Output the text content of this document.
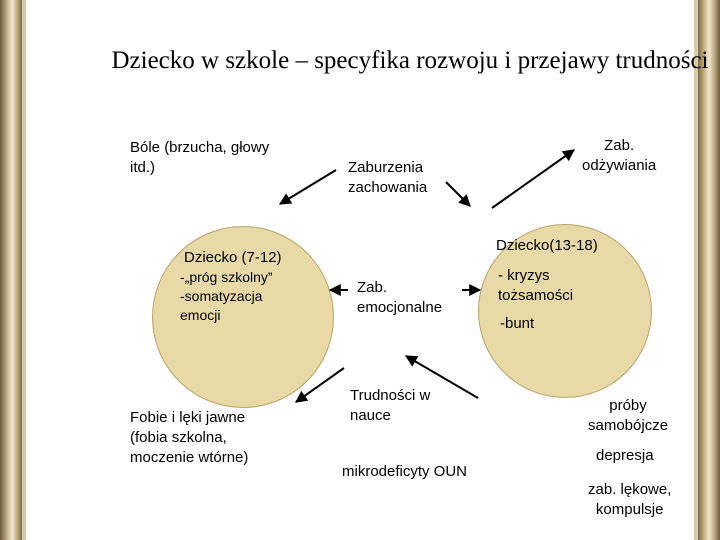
Dziecko w szkole – specyfika rozwoju i przejawy trudności
Bóle (brzucha, głowy
itd.)
Zab.
odżywiania
Zaburzenia
zachowania
Dziecko (7-12)
-„próg szkolny”
-somatyzacja
emocji
Dziecko(13-18)
- kryzys
tożsamości
-bunt
Zab.
emocjonalne
Trudności w
nauce
Fobie i lęki jawne
(fobia szkolna,
moczenie wtórne)
mikrodeficyty OUN
próby
samobójcze
depresja
zab. lękowe,
kompulsje
